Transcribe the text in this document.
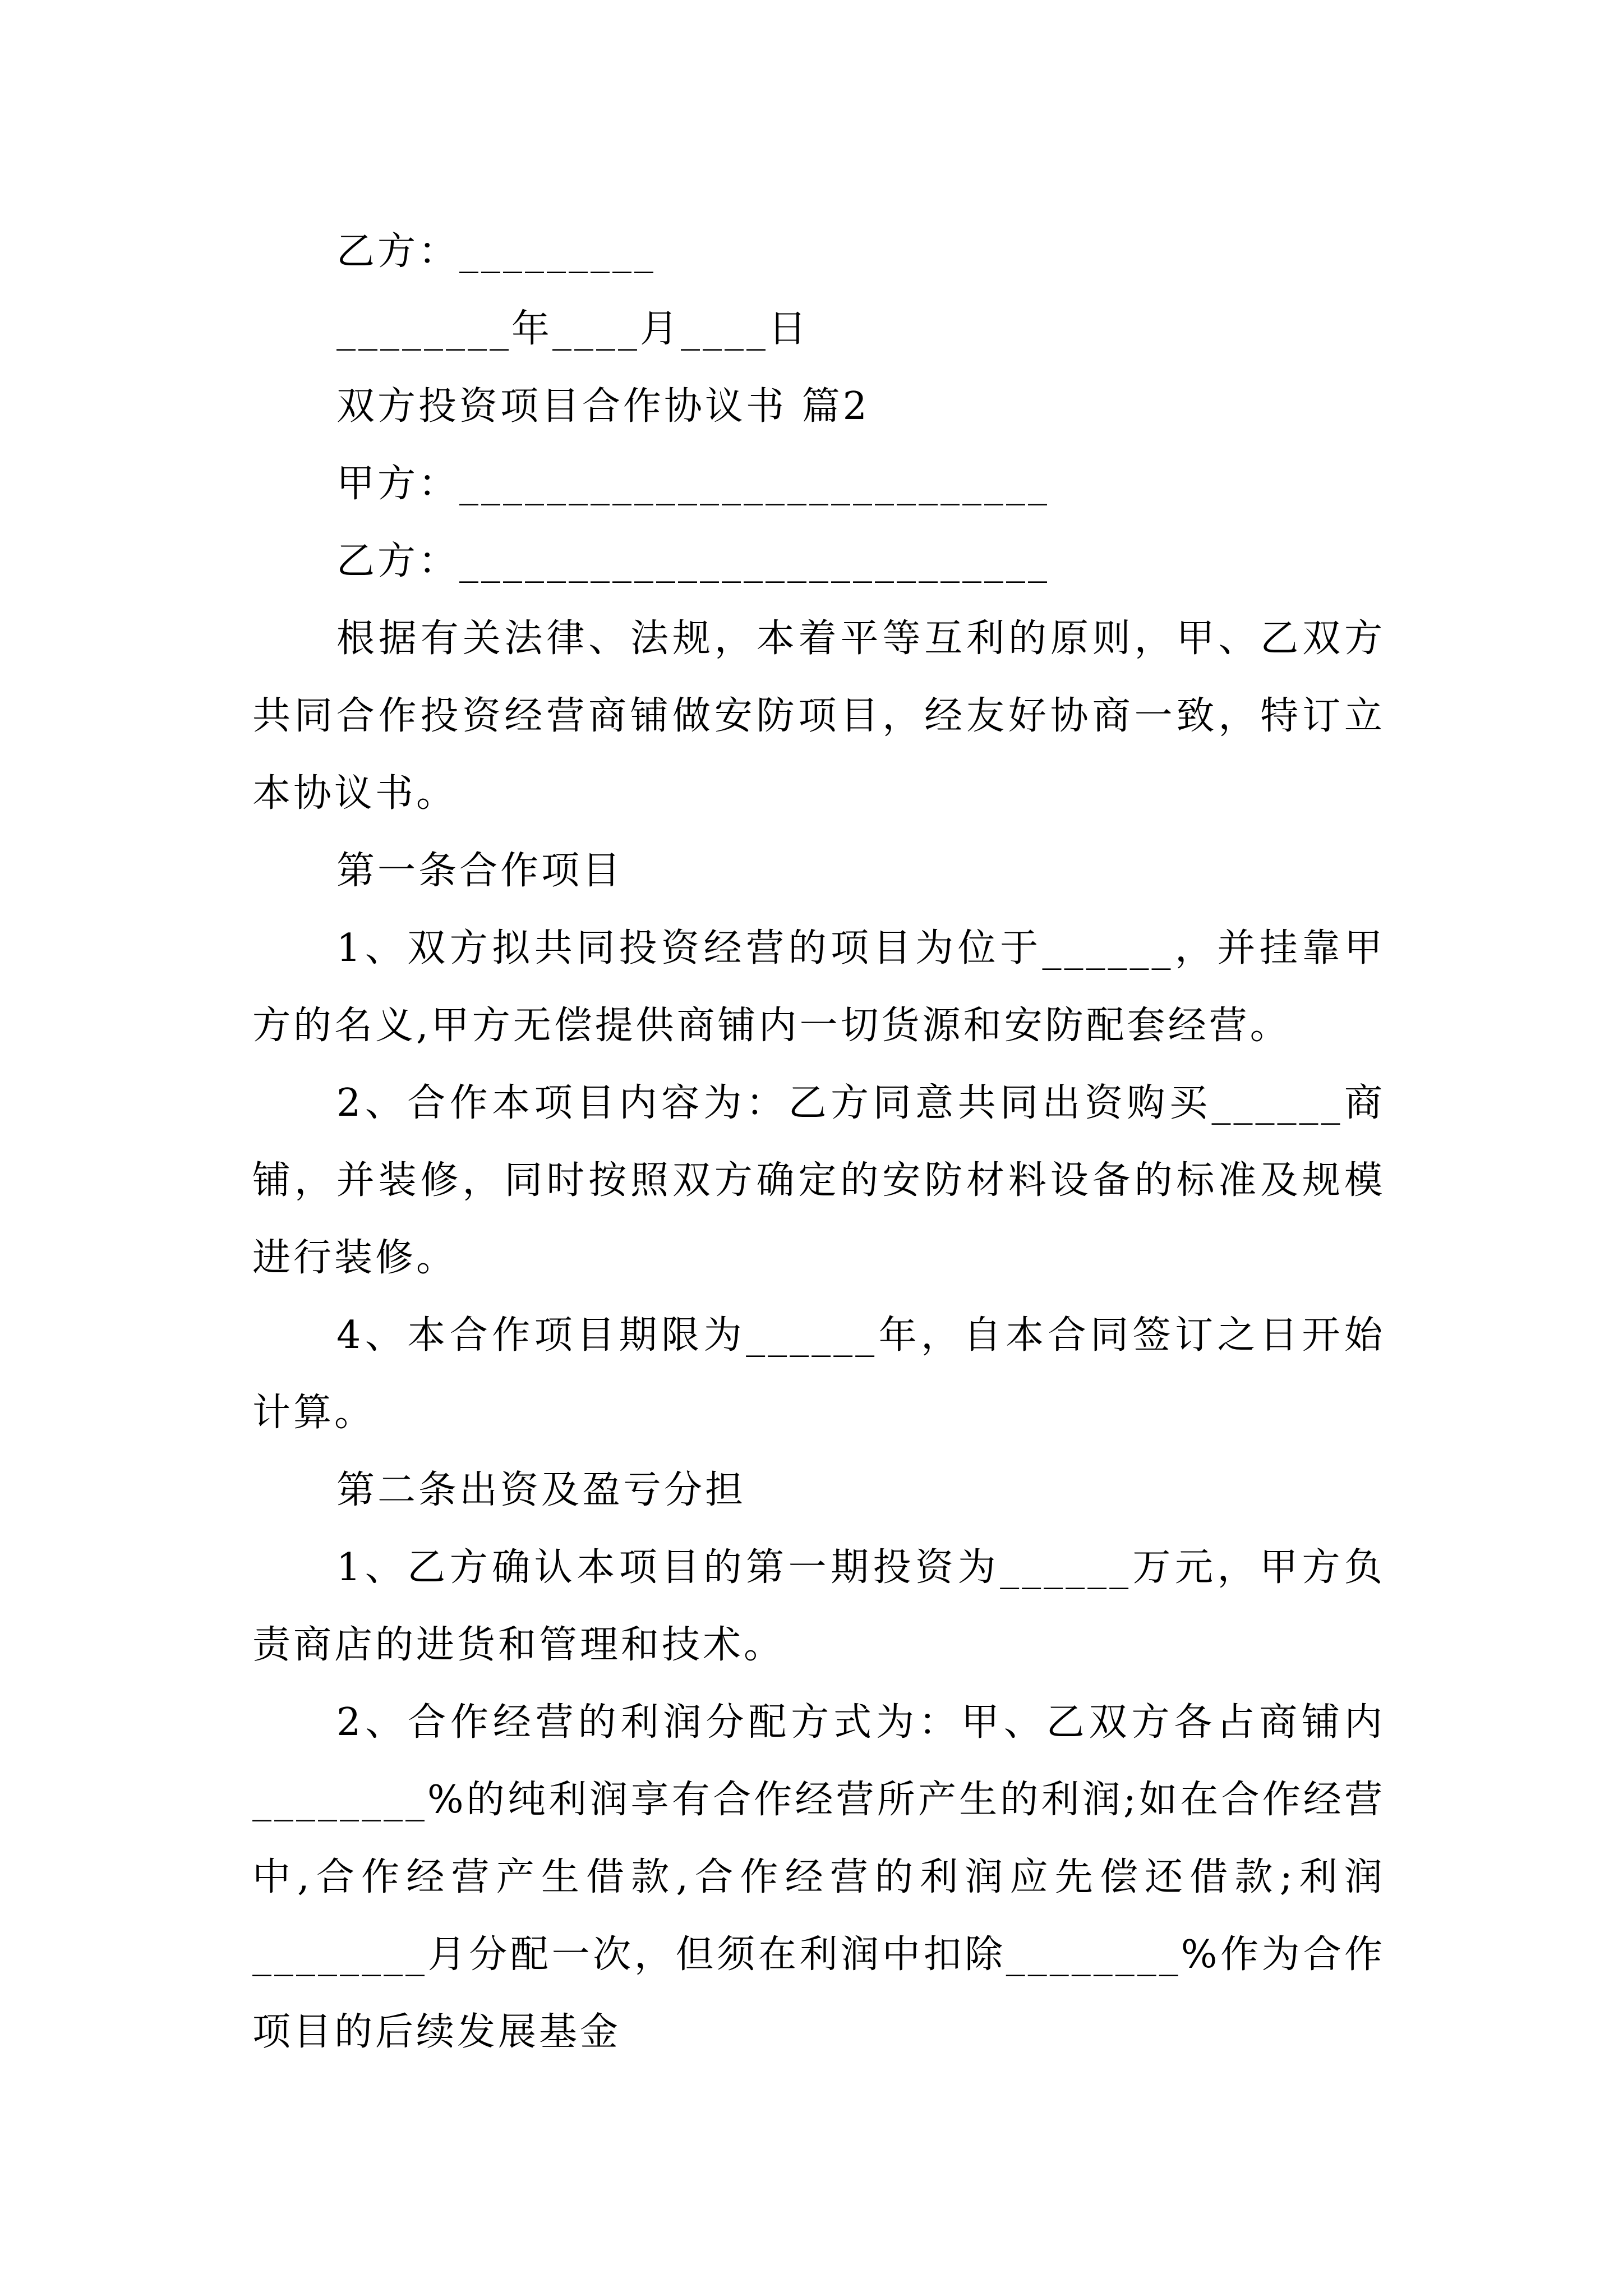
乙方：_________
________年____月____日
双方投资项目合作协议书 篇2
甲方：___________________________
乙方：___________________________

根据有关法律、法规，本着平等互利的原则，甲、乙双方共同合作投资经营商铺做安防项目，经友好协商一致，特订立本协议书。

第一条合作项目

1、双方拟共同投资经营的项目为位于______，并挂靠甲方的名义,甲方无偿提供商铺内一切货源和安防配套经营。

2、合作本项目内容为：乙方同意共同出资购买______商铺，并装修，同时按照双方确定的安防材料设备的标准及规模进行装修。

4、本合作项目期限为______年，自本合同签订之日开始计算。

第二条出资及盈亏分担

1、乙方确认本项目的第一期投资为______万元，甲方负责商店的进货和管理和技术。

2、合作经营的利润分配方式为：甲、乙双方各占商铺内________%的纯利润享有合作经营所产生的利润;如在合作经营中,合作经营产生借款,合作经营的利润应先偿还借款;利润________月分配一次，但须在利润中扣除________%作为合作项目的后续发展基金
